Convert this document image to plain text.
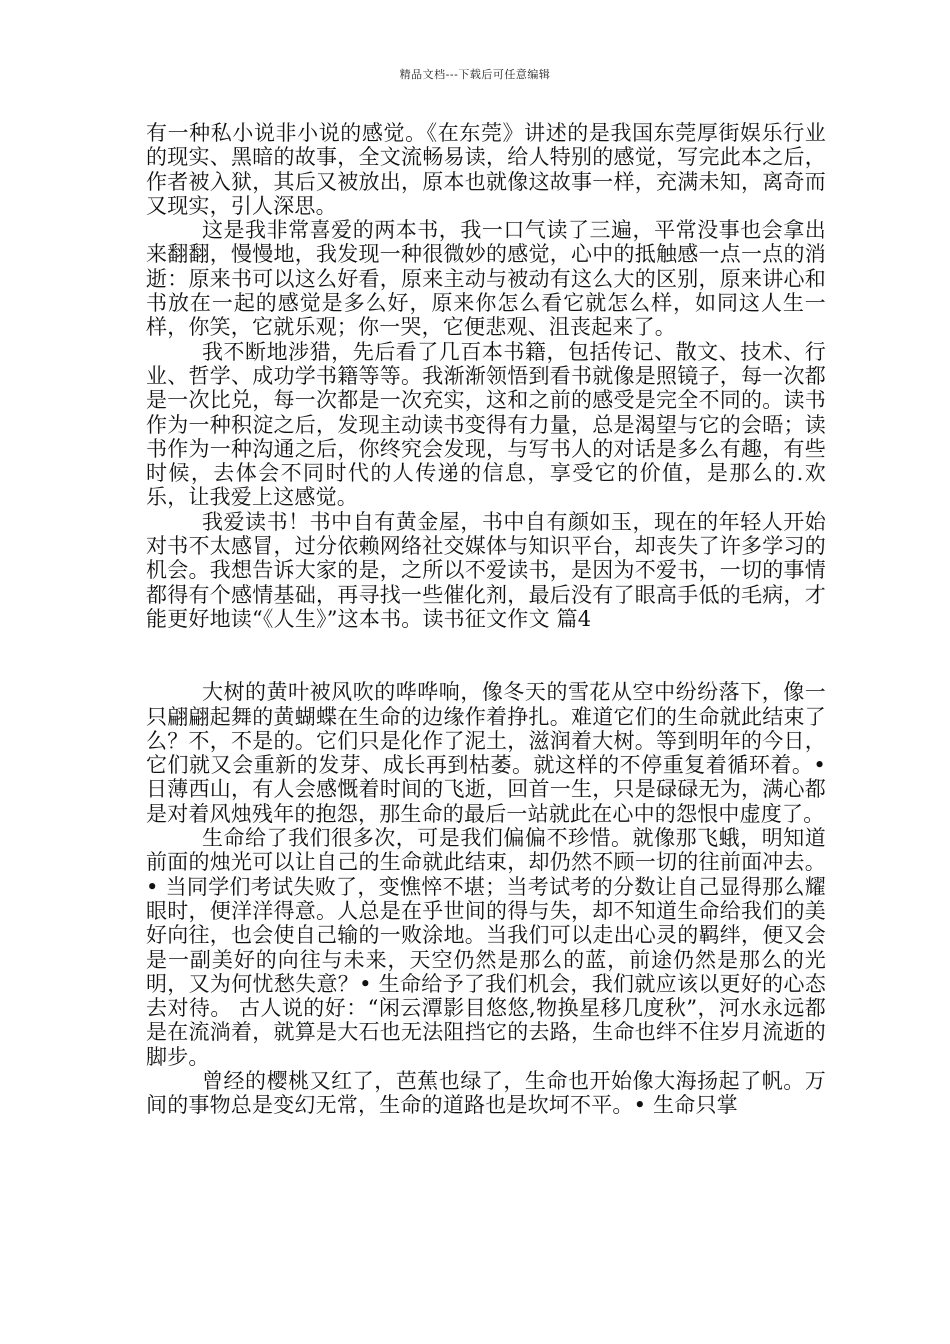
精品文档---下载后可任意编辑

有一种私小说非小说的感觉。《在东莞》讲述的是我国东莞厚街娱乐行业的现实、黑暗的故事，全文流畅易读，给人特别的感觉，写完此本之后，作者被入狱，其后又被放出，原本也就像这故事一样，充满未知，离奇而又现实，引人深思。

这是我非常喜爱的两本书，我一口气读了三遍，平常没事也会拿出来翻翻，慢慢地，我发现一种很微妙的感觉，心中的抵触感一点一点的消逝：原来书可以这么好看，原来主动与被动有这么大的区别，原来讲心和书放在一起的感觉是多么好，原来你怎么看它就怎么样，如同这人生一样，你笑，它就乐观；你一哭，它便悲观、沮丧起来了。

我不断地涉猎，先后看了几百本书籍，包括传记、散文、技术、行业、哲学、成功学书籍等等。我渐渐领悟到看书就像是照镜子，每一次都是一次比兑，每一次都是一次充实，这和之前的感受是完全不同的。读书作为一种积淀之后，发现主动读书变得有力量，总是渴望与它的会晤；读书作为一种沟通之后，你终究会发现，与写书人的对话是多么有趣，有些时候，去体会不同时代的人传递的信息，享受它的价值，是那么的.欢乐，让我爱上这感觉。

我爱读书！书中自有黄金屋，书中自有颜如玉，现在的年轻人开始对书不太感冒，过分依赖网络社交媒体与知识平台，却丧失了许多学习的机会。我想告诉大家的是，之所以不爱读书，是因为不爱书，一切的事情都得有个感情基础，再寻找一些催化剂，最后没有了眼高手低的毛病，才能更好地读“《人生》”这本书。读书征文作文 篇4

大树的黄叶被风吹的哗哗响，像冬天的雪花从空中纷纷落下，像一只翩翩起舞的黄蝴蝶在生命的边缘作着挣扎。难道它们的生命就此结束了么？不，不是的。它们只是化作了泥土，滋润着大树。等到明年的今日，它们就又会重新的发芽、成长再到枯萎。就这样的不停重复着循环着。• 日薄西山，有人会感慨着时间的飞逝，回首一生，只是碌碌无为，满心都是对着风烛残年的抱怨，那生命的最后一站就此在心中的怨恨中虚度了。

生命给了我们很多次，可是我们偏偏不珍惜。就像那飞蛾，明知道前面的烛光可以让自己的生命就此结束，却仍然不顾一切的往前面冲去。• 当同学们考试失败了，变憔悴不堪；当考试考的分数让自己显得那么耀眼时，便洋洋得意。人总是在乎世间的得与失，却不知道生命给我们的美好向往，也会使自己输的一败涂地。当我们可以走出心灵的羁绊，便又会是一副美好的向往与未来，天空仍然是那么的蓝，前途仍然是那么的光明，又为何忧愁失意？• 生命给予了我们机会，我们就应该以更好的心态去对待。 古人说的好：“闲云潭影目悠悠,物换星移几度秋”，河水永远都是在流淌着，就算是大石也无法阻挡它的去路，生命也绊不住岁月流逝的脚步。

曾经的樱桃又红了，芭蕉也绿了，生命也开始像大海扬起了帆。万间的事物总是变幻无常，生命的道路也是坎坷不平。• 生命只掌
